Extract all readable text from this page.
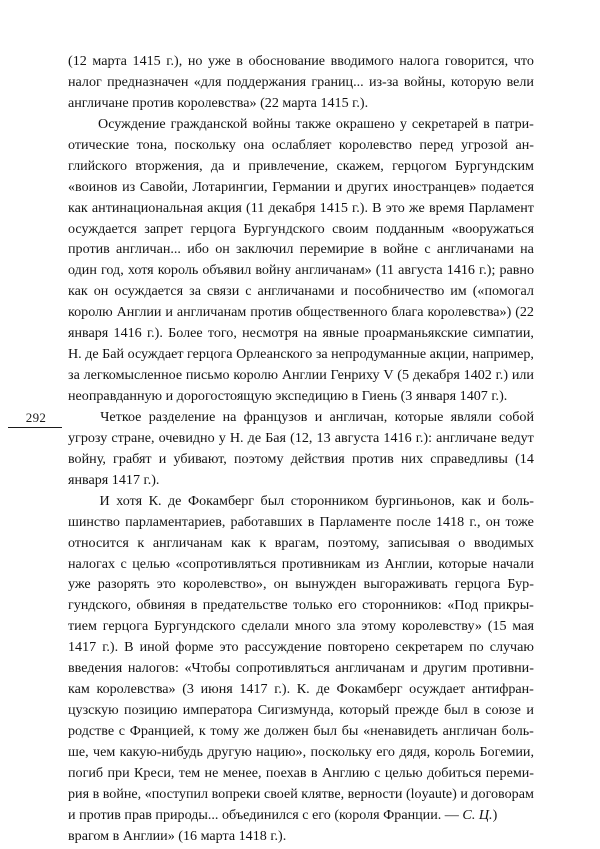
292
(12 марта 1415 г.), но уже в обоснование вводимого налога говорится, что
налог предназначен «для поддержания границ... из-за войны, которую вели
англичане против королевства» (22 марта 1415 г.).
Осуждение гражданской войны также окрашено у секретарей в патри-
отические тона, поскольку она ослабляет королевство перед угрозой ан-
глийского вторжения, да и привлечение, скажем, герцогом Бургундским
«воинов из Савойи, Лотарингии, Германии и других иностранцев» подается
как антинациональная акция (11 декабря 1415 г.). В это же время Парламент
осуждается запрет герцога Бургундского своим подданным «вооружаться
против англичан... ибо он заключил перемирие в войне с англичанами на
один год, хотя король объявил войну англичанам» (11 августа 1416 г.); равно
как он осуждается за связи с англичанами и пособничество им («помогал
королю Англии и англичанам против общественного блага королевства») (22
января 1416 г.). Более того, несмотря на явные проарманьякские симпатии,
Н. де Бай осуждает герцога Орлеанского за непродуманные акции, например,
за легкомысленное письмо королю Англии Генриху V (5 декабря 1402 г.) или
неоправданную и дорогостоящую экспедицию в Гиень (3 января 1407 г.).
Четкое разделение на французов и англичан, которые являли собой
угрозу стране, очевидно у Н. де Бая (12, 13 августа 1416 г.): англичане ведут
войну, грабят и убивают, поэтому действия против них справедливы (14
января 1417 г.).
И хотя К. де Фокамберг был сторонником бургиньонов, как и боль-
шинство парламентариев, работавших в Парламенте после 1418 г., он тоже
относится к англичанам как к врагам, поэтому, записывая о вводимых
налогах с целью «сопротивляться противникам из Англии, которые начали
уже разорять это королевство», он вынужден выгораживать герцога Бур-
гундского, обвиняя в предательстве только его сторонников: «Под прикры-
тием герцога Бургундского сделали много зла этому королевству» (15 мая
1417 г.). В иной форме это рассуждение повторено секретарем по случаю
введения налогов: «Чтобы сопротивляться англичанам и другим противни-
кам королевства» (3 июня 1417 г.). К. де Фокамберг осуждает антифран-
цузскую позицию императора Сигизмунда, который прежде был в союзе и
родстве с Францией, к тому же должен был бы «ненавидеть англичан боль-
ше, чем какую-нибудь другую нацию», поскольку его дядя, король Богемии,
погиб при Креси, тем не менее, поехав в Англию с целью добиться переми-
рия в войне, «поступил вопреки своей клятве, верности (loyaute) и договорам
и против прав природы... объединился с его (короля Франции. — С. Ц.)
врагом в Англии» (16 марта 1418 г.).
